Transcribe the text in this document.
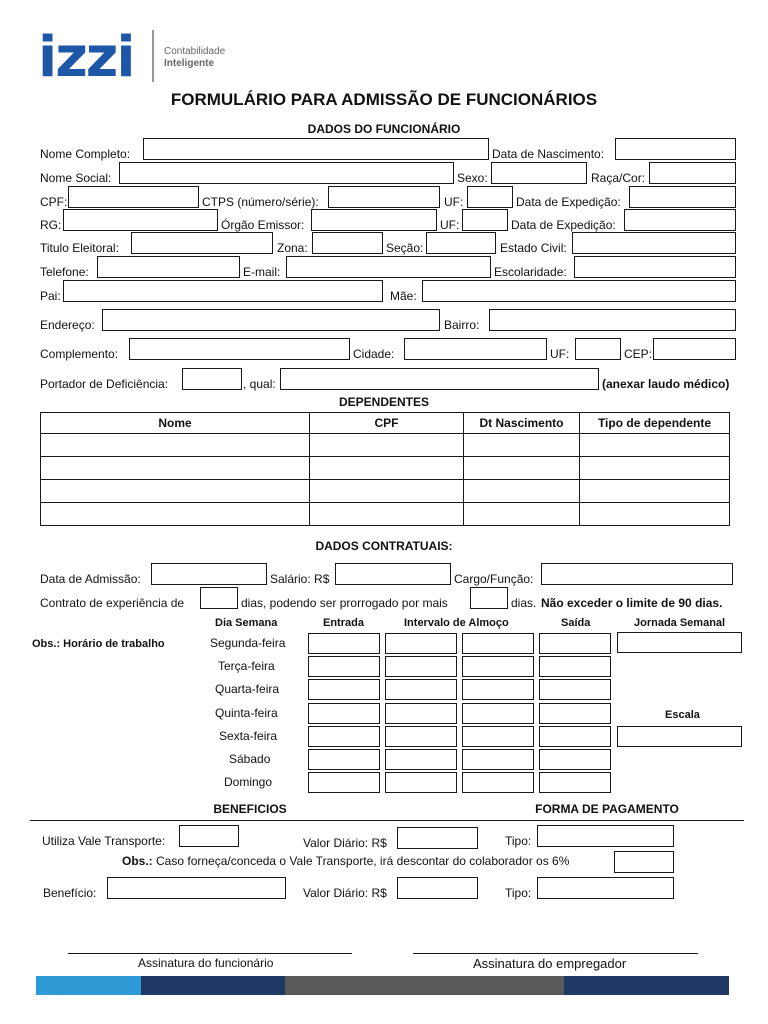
izzi	Contabilidade
Inteligente
FORMULÁRIO PARA ADMISSÃO DE FUNCIONÁRIOS
DADOS DO FUNCIONÁRIO
Nome Completo:	Data de Nascimento:
Nome Social:	Sexo:	Raça/Cor:
CPF:	CTPS (número/série):	UF:	Data de Expedição:
RG:	Órgão Emissor:	UF:	Data de Expedição:
Titulo Eleitoral:	Zona:	Seção:	Estado Civil:
Telefone:	E-mail:	Escolaridade:
Pai:	Mãe:
Endereço:	Bairro:
Complemento:	Cidade:	UF:	CEP:
Portador de Deficiência:	, qual:	(anexar laudo médico)
DEPENDENTES
Nome	CPF	Dt Nascimento	Tipo de dependente

DADOS CONTRATUAIS:
Data de Admissão:	Salário: R$	Cargo/Função:
Contrato de experiência de	dias, podendo ser prorrogado por mais	dias. Não exceder o limite de 90 dias.
Dia Semana	Entrada	Intervalo de Almoço	Saída	Jornada Semanal
Obs.: Horário de trabalho	Segunda-feira
Terça-feira
Quarta-feira
Quinta-feira
Sexta-feira
Sábado
Domingo
Escala
BENEFICIOS	FORMA DE PAGAMENTO
Utiliza Vale Transporte:	Valor Diário: R$	Tipo:
Obs.: Caso forneça/conceda o Vale Transporte, irá descontar do colaborador os 6%
Benefício:	Valor Diário: R$	Tipo:
Assinatura do funcionário	Assinatura do empregador
